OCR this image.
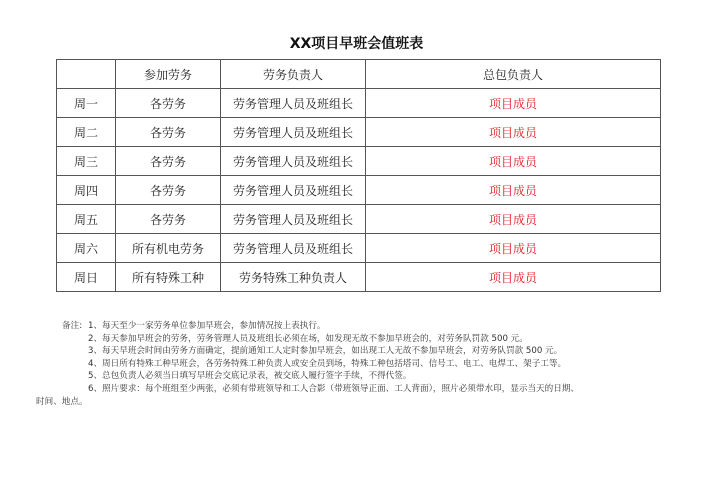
XX项目早班会值班表
	参加劳务	劳务负责人	总包负责人
周一	各劳务	劳务管理人员及班组长	项目成员
周二	各劳务	劳务管理人员及班组长	项目成员
周三	各劳务	劳务管理人员及班组长	项目成员
周四	各劳务	劳务管理人员及班组长	项目成员
周五	各劳务	劳务管理人员及班组长	项目成员
周六	所有机电劳务	劳务管理人员及班组长	项目成员
周日	所有特殊工种	劳务特殊工种负责人	项目成员
备注: 1、每天至少一家劳务单位参加早班会，参加情况按上表执行。
2、每天参加早班会的劳务，劳务管理人员及班组长必须在场，如发现无故不参加早班会的，对劳务队罚款 500 元。
3、每天早班会时间由劳务方面确定，提前通知工人定时参加早班会，如出现工人无故不参加早班会，对劳务队罚款 500 元。
4、周日所有特殊工种早班会，各劳务特殊工种负责人或安全员到场，特殊工种包括塔司、信号工、电工、电焊工、架子工等。
5、总包负责人必须当日填写早班会交底记录表，被交底人履行签字手续，不得代签。
6、照片要求：每个班组至少两张，必须有带班领导和工人合影（带班领导正面、工人背面），照片必须带水印，显示当天的日期、
时间、地点。
